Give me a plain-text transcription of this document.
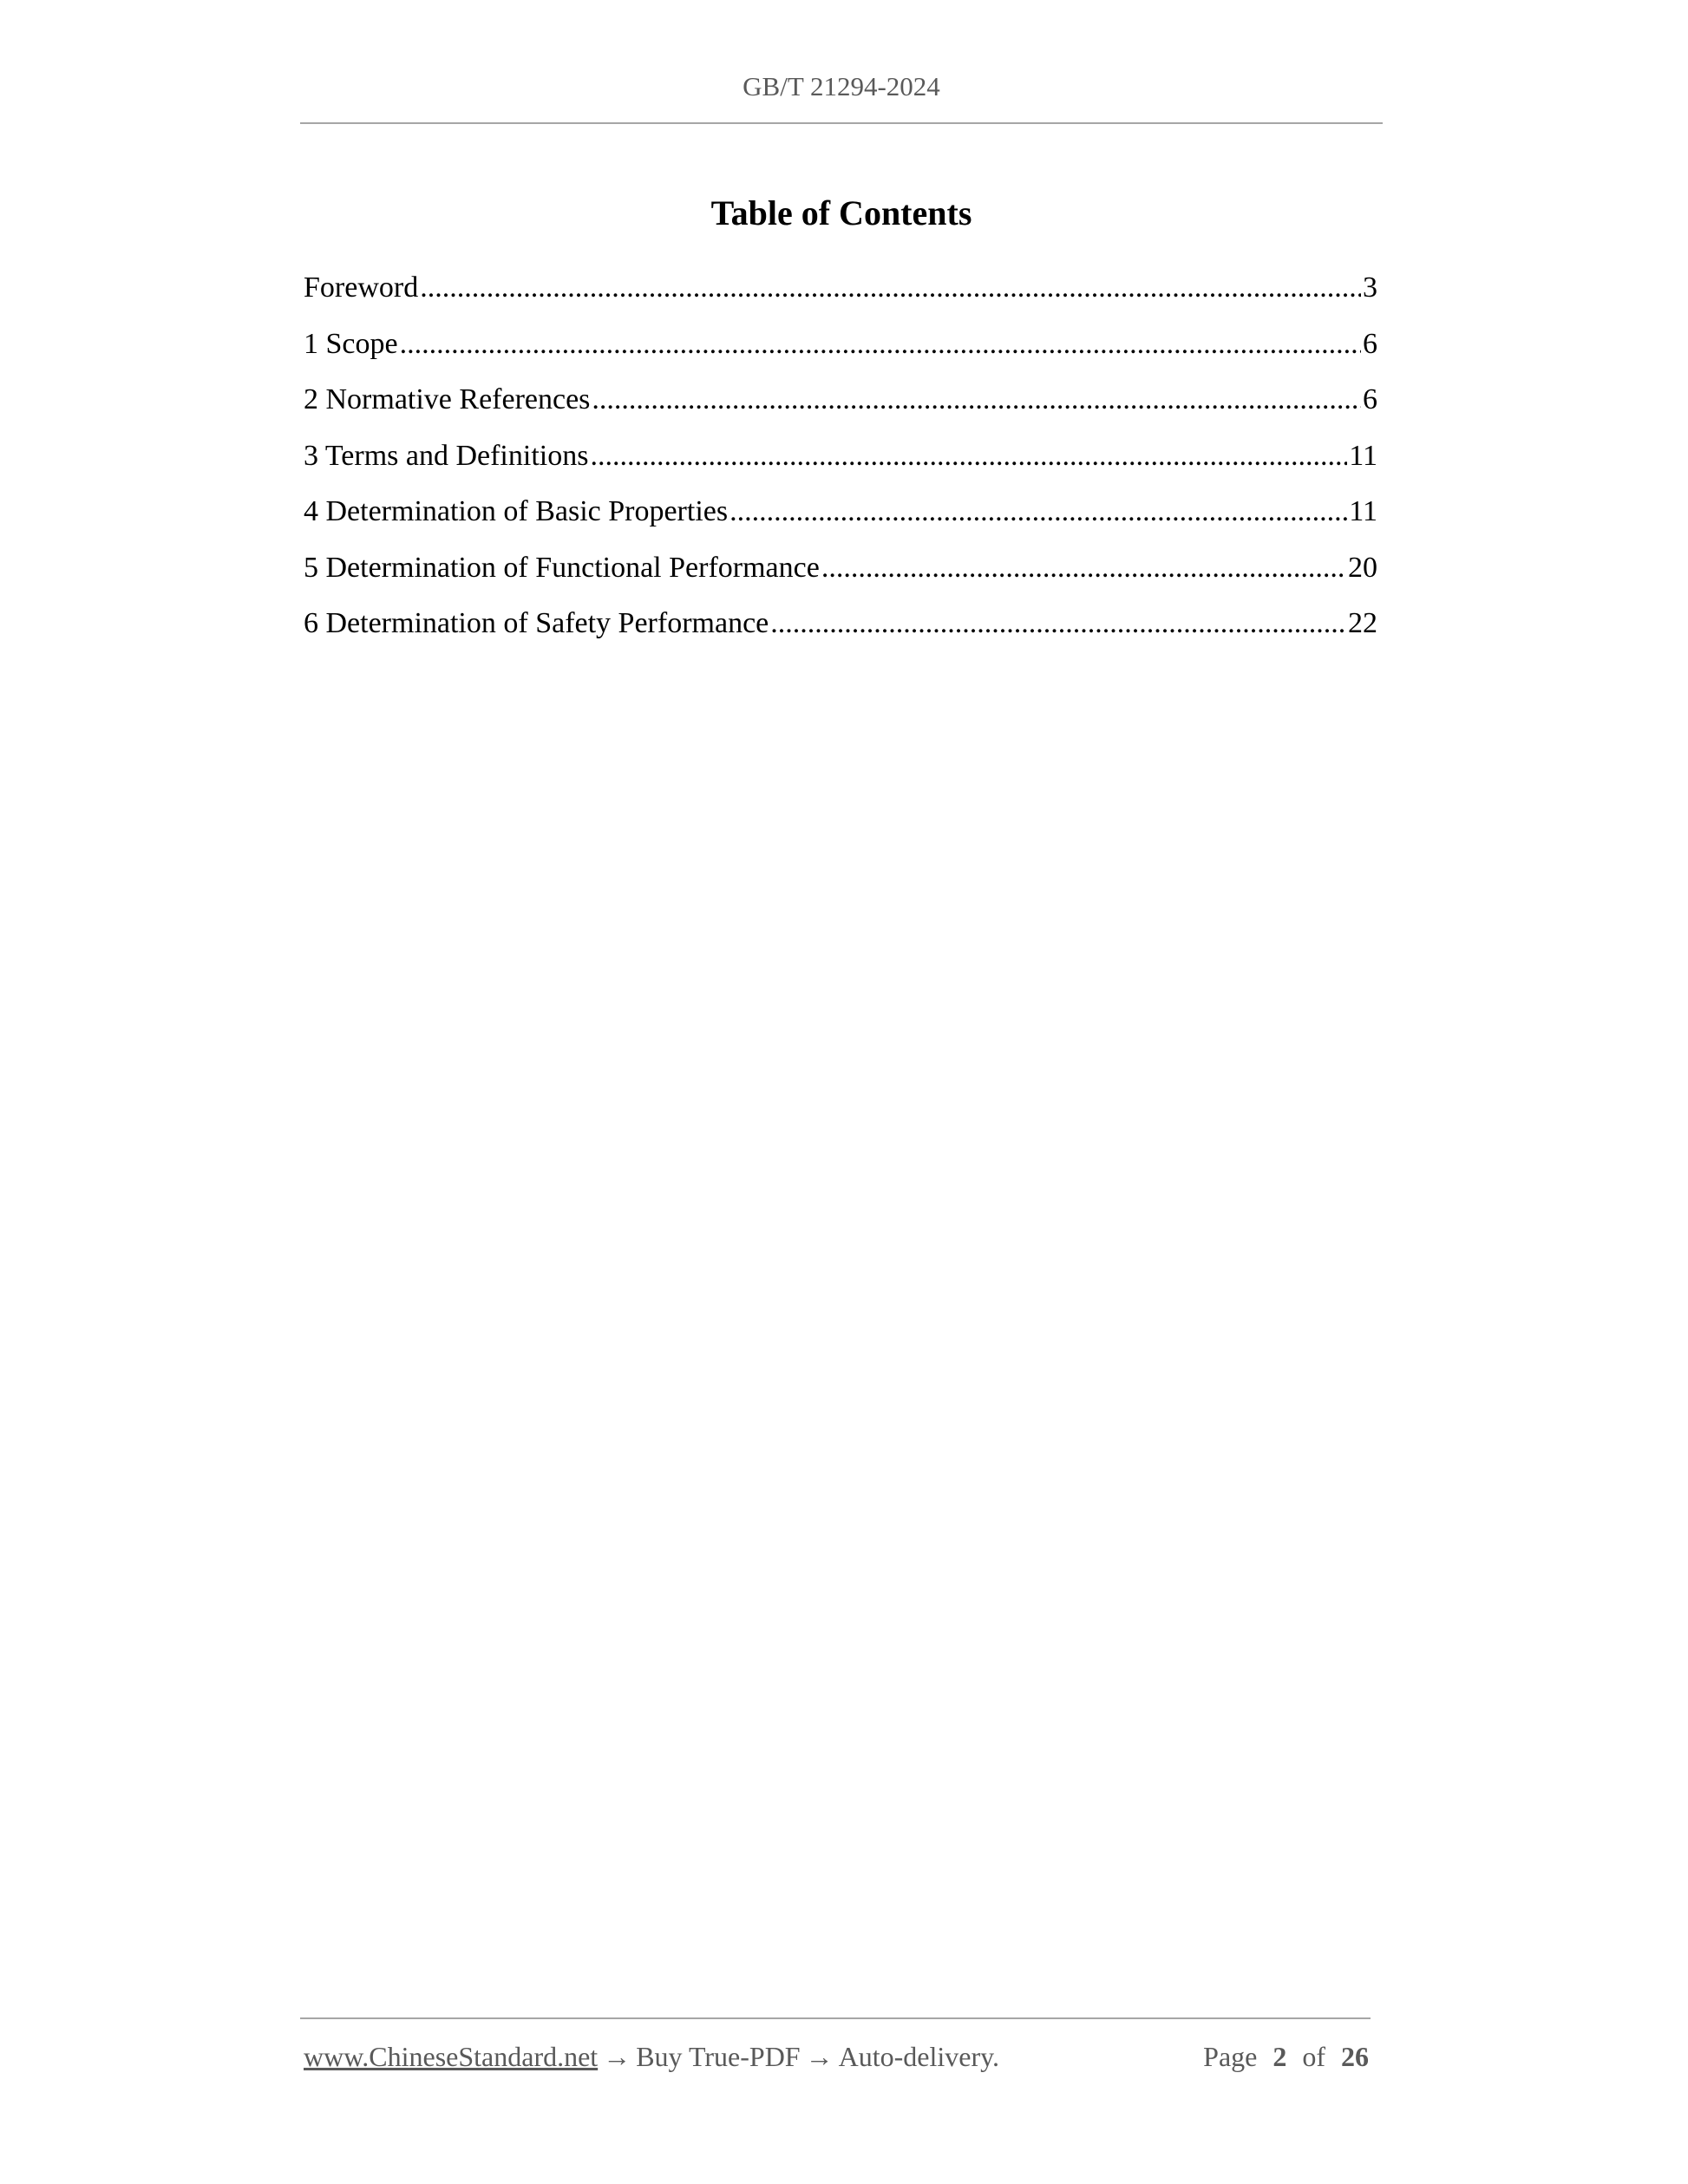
GB/T 21294-2024
Table of Contents
Foreword .....	3
1 Scope .....	6
2 Normative References .....	6
3 Terms and Definitions .....	11
4 Determination of Basic Properties .....	11
5 Determination of Functional Performance .....	20
6 Determination of Safety Performance .....	22
www.ChineseStandard.net → Buy True-PDF → Auto-delivery.	Page 2 of 26
